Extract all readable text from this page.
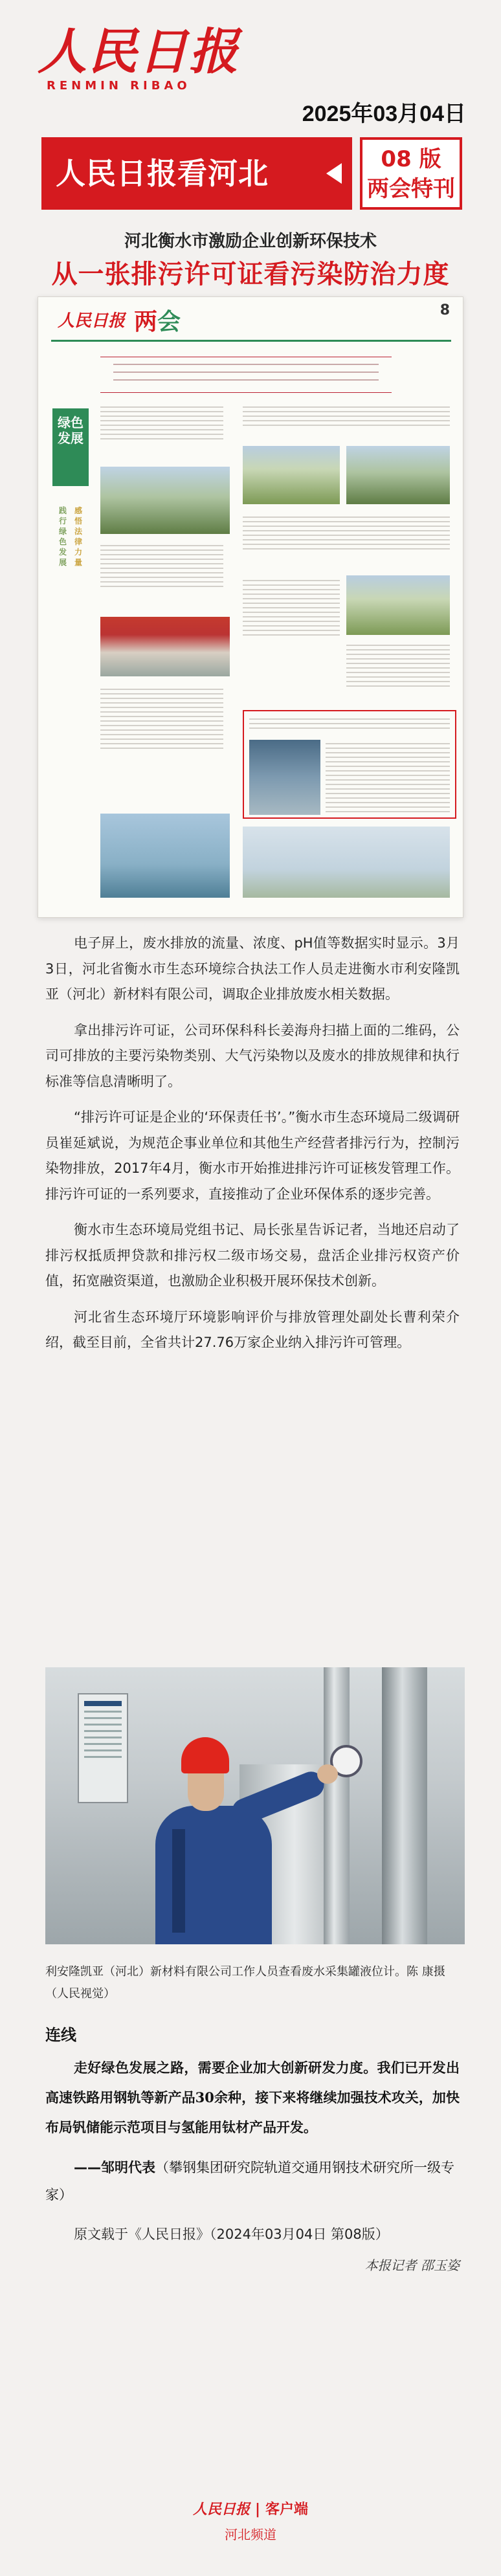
人民日报
RENMIN RIBAO
2025年03月04日
人民日报看河北	08 版
两会特刊
河北衡水市激励企业创新环保技术
从一张排污许可证看污染防治力度
人民日报 两会	8
绿色发展
践行绿色发展
感悟法律力量

电子屏上，废水排放的流量、浓度、pH值等数据实时显示。3月3日，河北省衡水市生态环境综合执法工作人员走进衡水市利安隆凯亚（河北）新材料有限公司，调取企业排放废水相关数据。

拿出排污许可证，公司环保科科长姜海舟扫描上面的二维码，公司可排放的主要污染物类别、大气污染物以及废水的排放规律和执行标准等信息清晰明了。

“排污许可证是企业的‘环保责任书’。”衡水市生态环境局二级调研员崔延斌说，为规范企事业单位和其他生产经营者排污行为，控制污染物排放，2017年4月，衡水市开始推进排污许可证核发管理工作。排污许可证的一系列要求，直接推动了企业环保体系的逐步完善。

衡水市生态环境局党组书记、局长张星告诉记者，当地还启动了排污权抵质押贷款和排污权二级市场交易，盘活企业排污权资产价值，拓宽融资渠道，也激励企业积极开展环保技术创新。

河北省生态环境厅环境影响评价与排放管理处副处长曹利荣介绍，截至目前，全省共计27.76万家企业纳入排污许可管理。

利安隆凯亚（河北）新材料有限公司工作人员查看废水采集罐液位计。陈 康摄（人民视觉）
连线
走好绿色发展之路，需要企业加大创新研发力度。我们已开发出高速铁路用钢轨等新产品30余种，接下来将继续加强技术攻关，加快布局钒储能示范项目与氢能用钛材产品开发。
——邹明代表（攀钢集团研究院轨道交通用钢技术研究所一级专家）
原文载于《人民日报》（2024年03月04日 第08版）
本报记者 邵玉姿
人民日报 | 客户端
河北频道
